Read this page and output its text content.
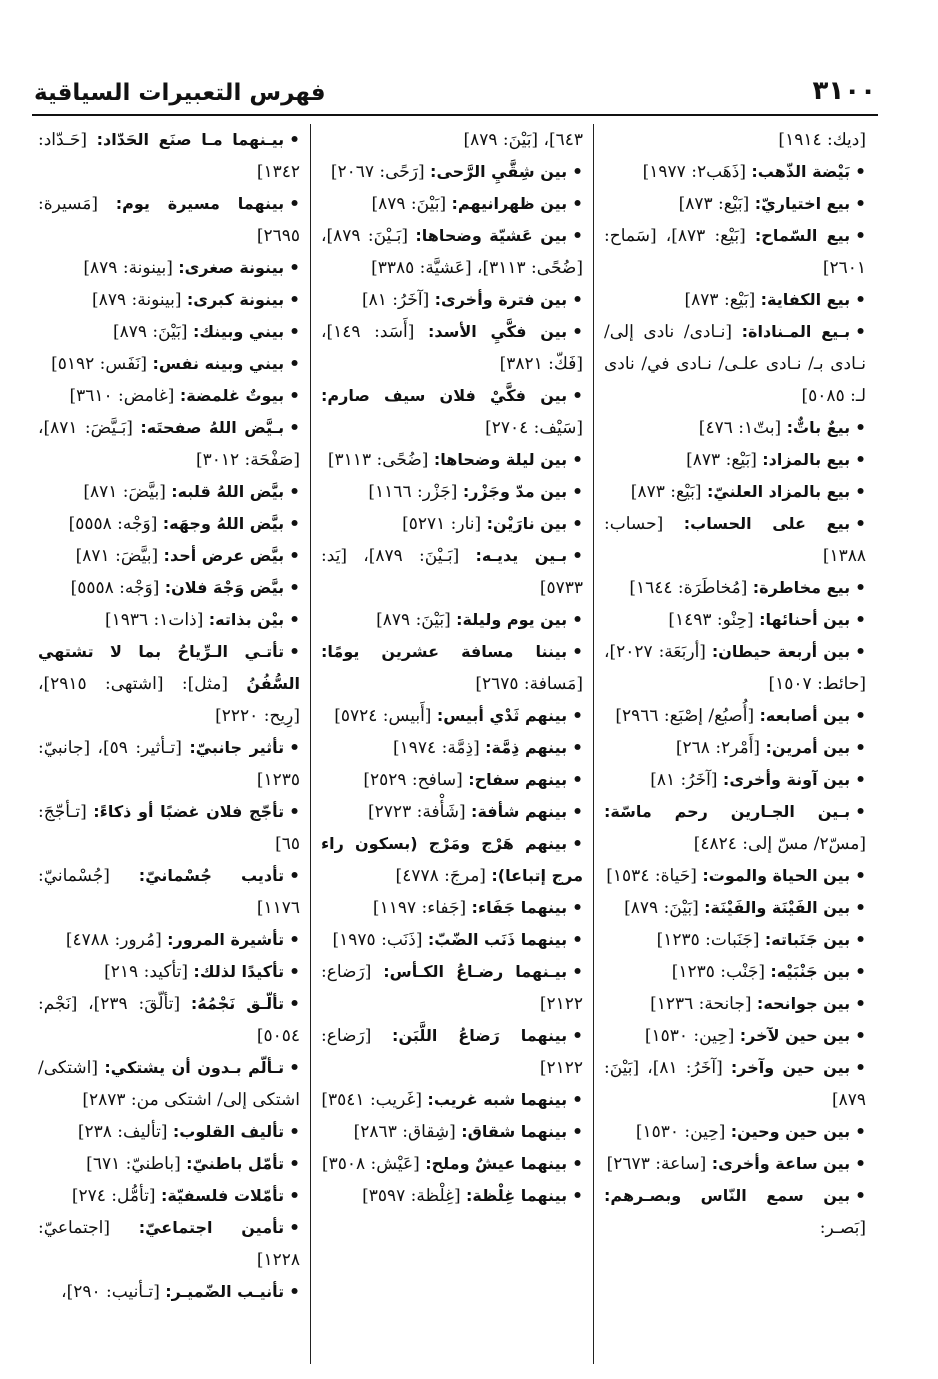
٣١٠٠
فهرس التعبيرات السياقية

[ديك: ١٩١٤]

•بَيْضة الذّهب: [ذَهَب٢: ١٩٧٧]

•بيع اختياريّ: [بَيْع: ٨٧٣]

•بيع السّماح: [بَيْع: ٨٧٣]، [سَماح: ٢٦٠١]

•بيع الكفاية: [بَيْع: ٨٧٣]

•بـيع المـناداة: [نـادى/ نادى إلى/ نـادى بـ/ نـادى علـى/ نـادى في/ نادى لـ: ٥٠٨٥]

•بيعٌ باتٌّ: [بتّ١: ٤٧٦]

•بيع بالمزاد: [بَيْع: ٨٧٣]

•بيع بالمزاد العلنيّ: [بَيْع: ٨٧٣]

•بيع على الحساب: [حساب: ١٣٨٨]

•بيع مخاطرة: [مُخاطَرَة: ١٦٤٤]

•بين أحنائها: [حِنْو: ١٤٩٣]

•بين أربعة حيطان: [أربَعَة: ٢٠٢٧]، [حائط: ١٥٠٧]

•بين أصابعه: [أُصبُع/ إصْبَع: ٢٩٦٦]

•بين أمرين: [أَمْر٢: ٢٦٨]

•بين آونة وأخرى: [آخَرُ: ٨١]

•بـين الجـارين رحم ماسّة: [مسّ٢/ مسّ إلى: ٤٨٢٤]

•بين الحياة والموت: [حَياة: ١٥٣٤]

•بين الفَيْنَة والفَيْنَة: [بَيْنَ: ٨٧٩]

•بين جَنَباته: [جَنَبات: ١٢٣٥]

•بين جَنْبَيْه: [جَنْب: ١٢٣٥]

•بين جوانحه: [جانحة: ١٢٣٦]

•بين حين لآخر: [حِين: ١٥٣٠]

•بين حين وآخر: [آخَرُ: ٨١]، [بَيْنَ: ٨٧٩]

•بين حين وحين: [حِين: ١٥٣٠]

•بين ساعة وأخرى: [ساعة: ٢٦٧٣]

•بين سمع النّاس وبصـرهم: [بَصـر:

٦٤٣]، [بَيْنَ: ٨٧٩]

•بين شِقَّيِ الرَّحى: [رَحًى: ٢٠٦٧]

•بين ظهرانيهم: [بَيْنَ: ٨٧٩]

•بين عَشيّة وضحاها: [بَـيْنَ: ٨٧٩]، [ضُحًى: ٣١١٣]، [عَشيَّة: ٣٣٨٥]

•بين فترة وأخرى: [آخَرُ: ٨١]

•بين فكَّيِ الأسد: [أَسَد: ١٤٩]، [فَكّ: ٣٨٢١]

•بين فكَّيْ فلان سيف صارم: [سَيْف: ٢٧٠٤]

•بين ليلة وضحاها: [ضُحًى: ٣١١٣]

•بين مدّ وجَزْر: [جَزْر: ١١٦٦]

•بين نارَيْن: [نار: ٥٢٧١]

•بـين يديـه: [بَـيْنَ: ٨٧٩]، [يَد: ٥٧٣٣]

•بين يوم وليلة: [بَيْنَ: ٨٧٩]

•بيننا مسافة عشرين يومًا: [مَسافة: ٢٦٧٥]

•بينهم ثَدْي أبيس: [أَبيس: ٥٧٢٤]

•بينهم ذِمَّة: [ذِمَّة: ١٩٧٤]

•بينهم سفاح: [سافح: ٢٥٢٩]

•بينهم شأفة: [شَأْفة: ٢٧٢٣]

•بينهم هَرْج ومَرْج (بسكون راء مرج إتباعا): [مرجَ: ٤٧٧٨]

•بينهما جَفَاء: [جَفاء: ١١٩٧]

•بينهما ذَنَب الضّبّ: [ذَنَب: ١٩٧٥]

•بيـنهما رضـاعُ الكـأس: [رَضاع: ٢١٢٢]

•بينهما رَضاعُ اللَّبَن: [رَضاع: ٢١٢٢]

•بينهما شبه غريب: [غَريب: ٣٥٤١]

•بينهما شقاق: [شِقاق: ٢٨٦٣]

•بينهما عيشٌ وملح: [عَيْش: ٣٥٠٨]

•بينهما غِلْظة: [غِلْظة: ٣٥٩٧]

•بيـنهما مـا صنَع الحَدّاد: [حَـدّاد: ١٣٤٢]

•بينهما مسيرة يوم: [مَسيرة: ٢٦٩٥]

•بينونة صغرى: [بينونة: ٨٧٩]

•بينونة كبرى: [بينونة: ٨٧٩]

•بيني وبينك: [بَيْنَ: ٨٧٩]

•بيني وبينه نفس: [نَفَس: ٥١٩٢]

•بيوتٌ غلمضة: [غامض: ٣٦١٠]

•بـيَّض اللهُ صفحتَه: [بَـيَّضَ: ٨٧١]، [صَفْحَة: ٣٠١٢]

•بيَّض اللهُ قلبه: [بيَّضَ: ٨٧١]

•بيَّض اللهُ وجهَه: [وَجْه: ٥٥٥٨]

•بيَّض عرض أحد: [بيَّضَ: ٨٧١]

•بيَّض وَجْهَ فلان: [وَجْه: ٥٥٥٨]

•بيْن بذاته: [ذات١: ١٩٣٦]

•تأتـي الـرِّياحُ بما لا تشتهي السُّفُنُ [مثل]: [اشتهى: ٢٩١٥]، [رِيح: ٢٢٢٠]

•تأثير جانبيّ: [تـأثير: ٥٩]، [جانبيّ: ١٢٣٥]

•تأجّج فلان غضبًا أو ذكاءً: [تـأجّجَ: ٦٥]

•تأديب جُسْمانيّ: [جُسْمانيّ: ١١٧٦]

•تأشيرة المرور: [مُرور: ٤٧٨٨]

•تأكيدًا لذلك: [تأكيد: ٢١٩]

•تألّـق نَجْمُهُ: [تألّقَ: ٢٣٩]، [نَجْم: ٥٠٥٤]

•تـألّم بـدون أن يشتكي: [اشتكى/ اشتكى إلى/ اشتكى من: ٢٨٧٣]

•تأليف القلوب: [تأليف: ٢٣٨]

•تأمّل باطنيّ: [باطنيّ: ٦٧١]

•تأمّلات فلسفيّة: [تأمُّل: ٢٧٤]

•تأمين اجتماعيّ: [اجتماعيّ: ١٢٢٨]

•تأنيـب الضّميـر: [تـأنيب: ٢٩٠]،
